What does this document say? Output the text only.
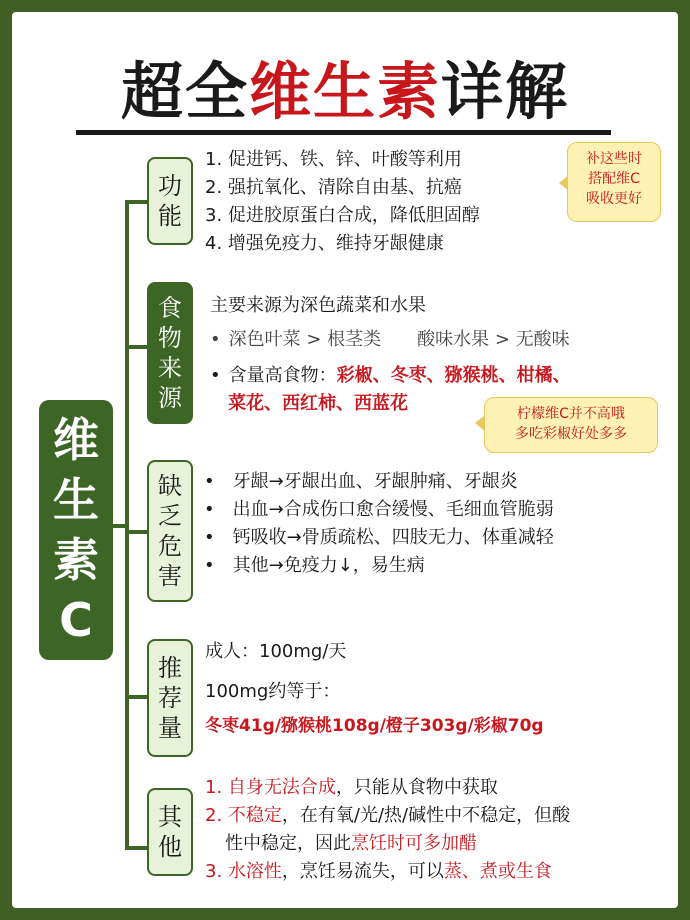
超全维生素详解
维
生
素
C
功
能
1. 促进钙、铁、锌、叶酸等利用
2. 强抗氧化、清除自由基、抗癌
3. 促进胶原蛋白合成，降低胆固醇
4. 增强免疫力、维持牙龈健康
补这些时
搭配维C
吸收更好
食
物
来
源
主要来源为深色蔬菜和水果
• 深色叶菜 > 根茎类 酸味水果 > 无酸味
• 含量高食物：彩椒、冬枣、猕猴桃、柑橘、
菜花、西红柿、西蓝花	柠檬维C并不高哦
多吃彩椒好处多多
缺
乏
危
害
• 牙龈→牙龈出血、牙龈肿痛、牙龈炎
• 出血→合成伤口愈合缓慢、毛细血管脆弱
• 钙吸收→骨质疏松、四肢无力、体重减轻
• 其他→免疫力↓，易生病
推
荐
量
成人：100mg/天
100mg约等于：
冬枣41g/猕猴桃108g/橙子303g/彩椒70g
其
他
1. 自身无法合成，只能从食物中获取
2. 不稳定，在有氧/光/热/碱性中不稳定，但酸
性中稳定，因此烹饪时可多加醋
3. 水溶性，烹饪易流失，可以蒸、煮或生食
